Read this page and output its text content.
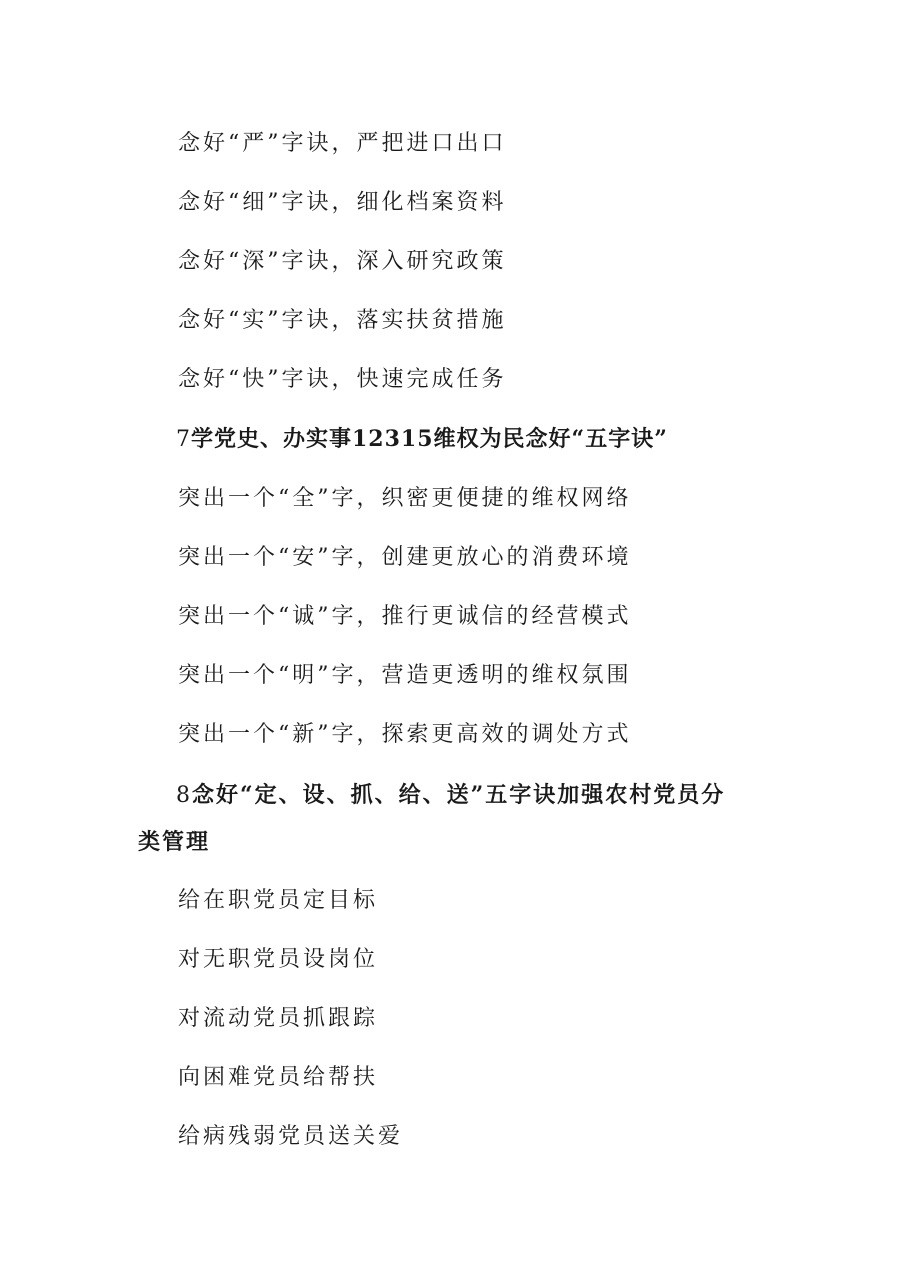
念好“严”字诀，严把进口出口
念好“细”字诀，细化档案资料
念好“深”字诀，深入研究政策
念好“实”字诀，落实扶贫措施
念好“快”字诀，快速完成任务
7学党史、办实事12315维权为民念好“五字诀”
突出一个“全”字，织密更便捷的维权网络
突出一个“安”字，创建更放心的消费环境
突出一个“诚”字，推行更诚信的经营模式
突出一个“明”字，营造更透明的维权氛围
突出一个“新”字，探索更高效的调处方式
8念好“定、设、抓、给、送”五字诀加强农村党员分
类管理
给在职党员定目标
对无职党员设岗位
对流动党员抓跟踪
向困难党员给帮扶
给病残弱党员送关爱
